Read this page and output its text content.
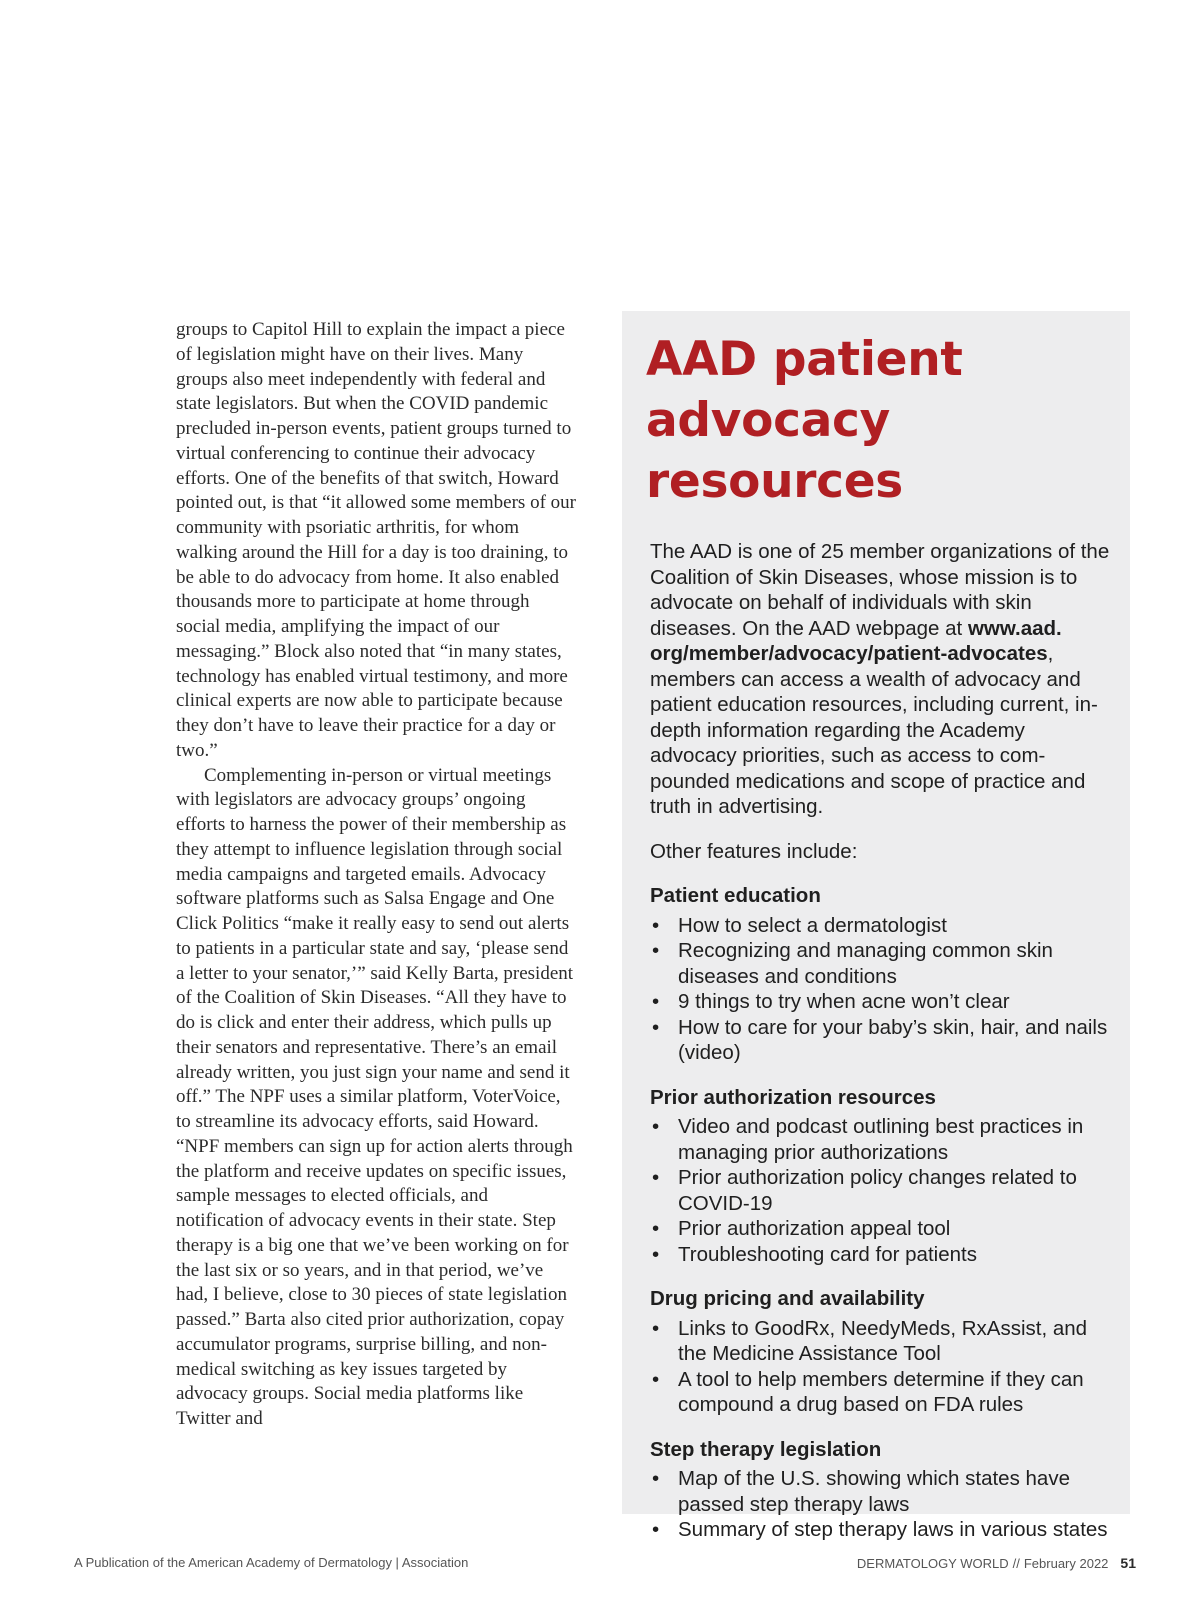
groups to Capitol Hill to explain the impact a piece of legislation might have on their lives. Many groups also meet independently with federal and state legislators. But when the COVID pandemic precluded in-person events, patient groups turned to virtual conferencing to continue their advocacy efforts. One of the benefits of that switch, Howard pointed out, is that “it allowed some members of our community with psoriatic arthritis, for whom walking around the Hill for a day is too draining, to be able to do advocacy from home. It also enabled thousands more to participate at home through social media, amplifying the impact of our messaging.” Block also noted that “in many states, technology has enabled virtual testimony, and more clinical experts are now able to participate because they don’t have to leave their practice for a day or two.”

Complementing in-person or virtual meetings with legislators are advocacy groups’ ongoing efforts to harness the power of their membership as they attempt to influence legislation through social media campaigns and targeted emails. Advocacy software platforms such as Salsa Engage and One Click Politics “make it really easy to send out alerts to patients in a particular state and say, ‘please send a letter to your senator,’” said Kelly Barta, president of the Coalition of Skin Diseases. “All they have to do is click and enter their address, which pulls up their senators and representative. There’s an email already written, you just sign your name and send it off.” The NPF uses a similar platform, VoterVoice, to streamline its advocacy efforts, said Howard. “NPF members can sign up for action alerts through the platform and receive updates on specific issues, sample messages to elected officials, and notification of advocacy events in their state. Step therapy is a big one that we’ve been working on for the last six or so years, and in that period, we’ve had, I believe, close to 30 pieces of state legislation passed.” Barta also cited prior authorization, copay accumulator programs, surprise billing, and non-medical switching as key issues targeted by advocacy groups. Social media platforms like Twitter and

AAD patient
advocacy resources

The AAD is one of 25 member organizations of the Coalition of Skin Diseases, whose mission is to advocate on behalf of individuals with skin diseases. On the AAD webpage at www.aad.
org/member/advocacy/patient-advocates, members can access a wealth of advocacy and patient education resources, including current, in-depth information regarding the Academy advocacy priorities, such as access to compounded medications and scope of practice and truth in advertising.

Other features include:

Patient education

• How to select a dermatologist
• Recognizing and managing common skin diseases and conditions
• 9 things to try when acne won’t clear
• How to care for your baby’s skin, hair, and nails (video)

Prior authorization resources

• Video and podcast outlining best practices in managing prior authorizations
• Prior authorization policy changes related to COVID-19
• Prior authorization appeal tool
• Troubleshooting card for patients

Drug pricing and availability

• Links to GoodRx, NeedyMeds, RxAssist, and the Medicine Assistance Tool
• A tool to help members determine if they can compound a drug based on FDA rules

Step therapy legislation

• Map of the U.S. showing which states have passed step therapy laws
• Summary of step therapy laws in various states
A Publication of the American Academy of Dermatology | Association	DERMATOLOGY WORLD // February 2022 51
